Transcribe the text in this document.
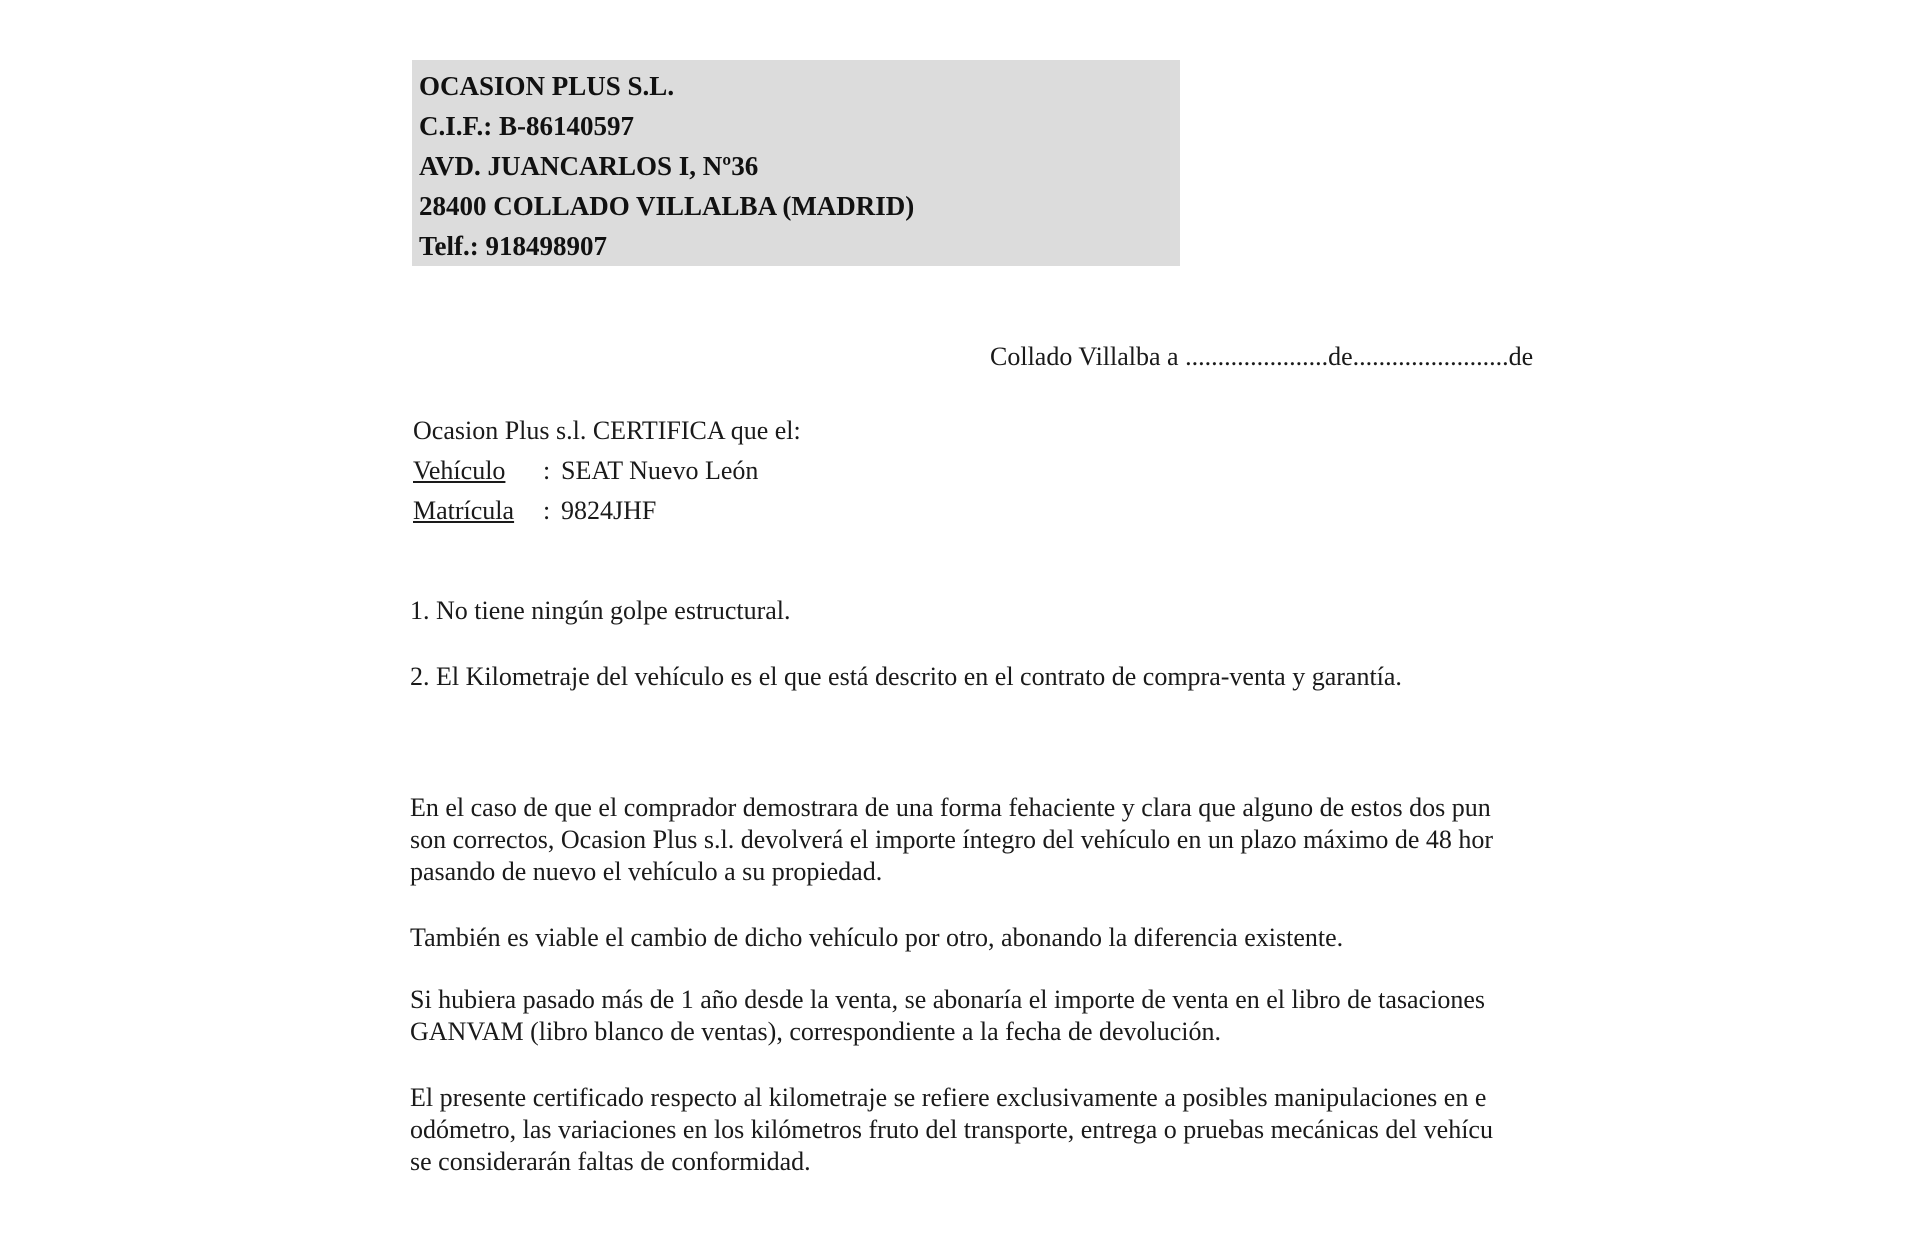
OCASION PLUS S.L.
C.I.F.: B-86140597
AVD. JUANCARLOS I, Nº36
28400 COLLADO VILLALBA (MADRID)
Telf.: 918498907
Collado Villalba a ......................de........................de
Ocasion Plus s.l. CERTIFICA que el:
Vehículo : SEAT Nuevo León
Matrícula : 9824JHF
1. No tiene ningún golpe estructural.
2. El Kilometraje del vehículo es el que está descrito en el contrato de compra-venta y garantía.
En el caso de que el comprador demostrara de una forma fehaciente y clara que alguno de estos dos pun
son correctos, Ocasion Plus s.l. devolverá el importe íntegro del vehículo en un plazo máximo de 48 hor
pasando de nuevo el vehículo a su propiedad.
También es viable el cambio de dicho vehículo por otro, abonando la diferencia existente.
Si hubiera pasado más de 1 año desde la venta, se abonaría el importe de venta en el libro de tasaciones
GANVAM (libro blanco de ventas), correspondiente a la fecha de devolución.
El presente certificado respecto al kilometraje se refiere exclusivamente a posibles manipulaciones en e
odómetro, las variaciones en los kilómetros fruto del transporte, entrega o pruebas mecánicas del vehícu
se considerarán faltas de conformidad.
